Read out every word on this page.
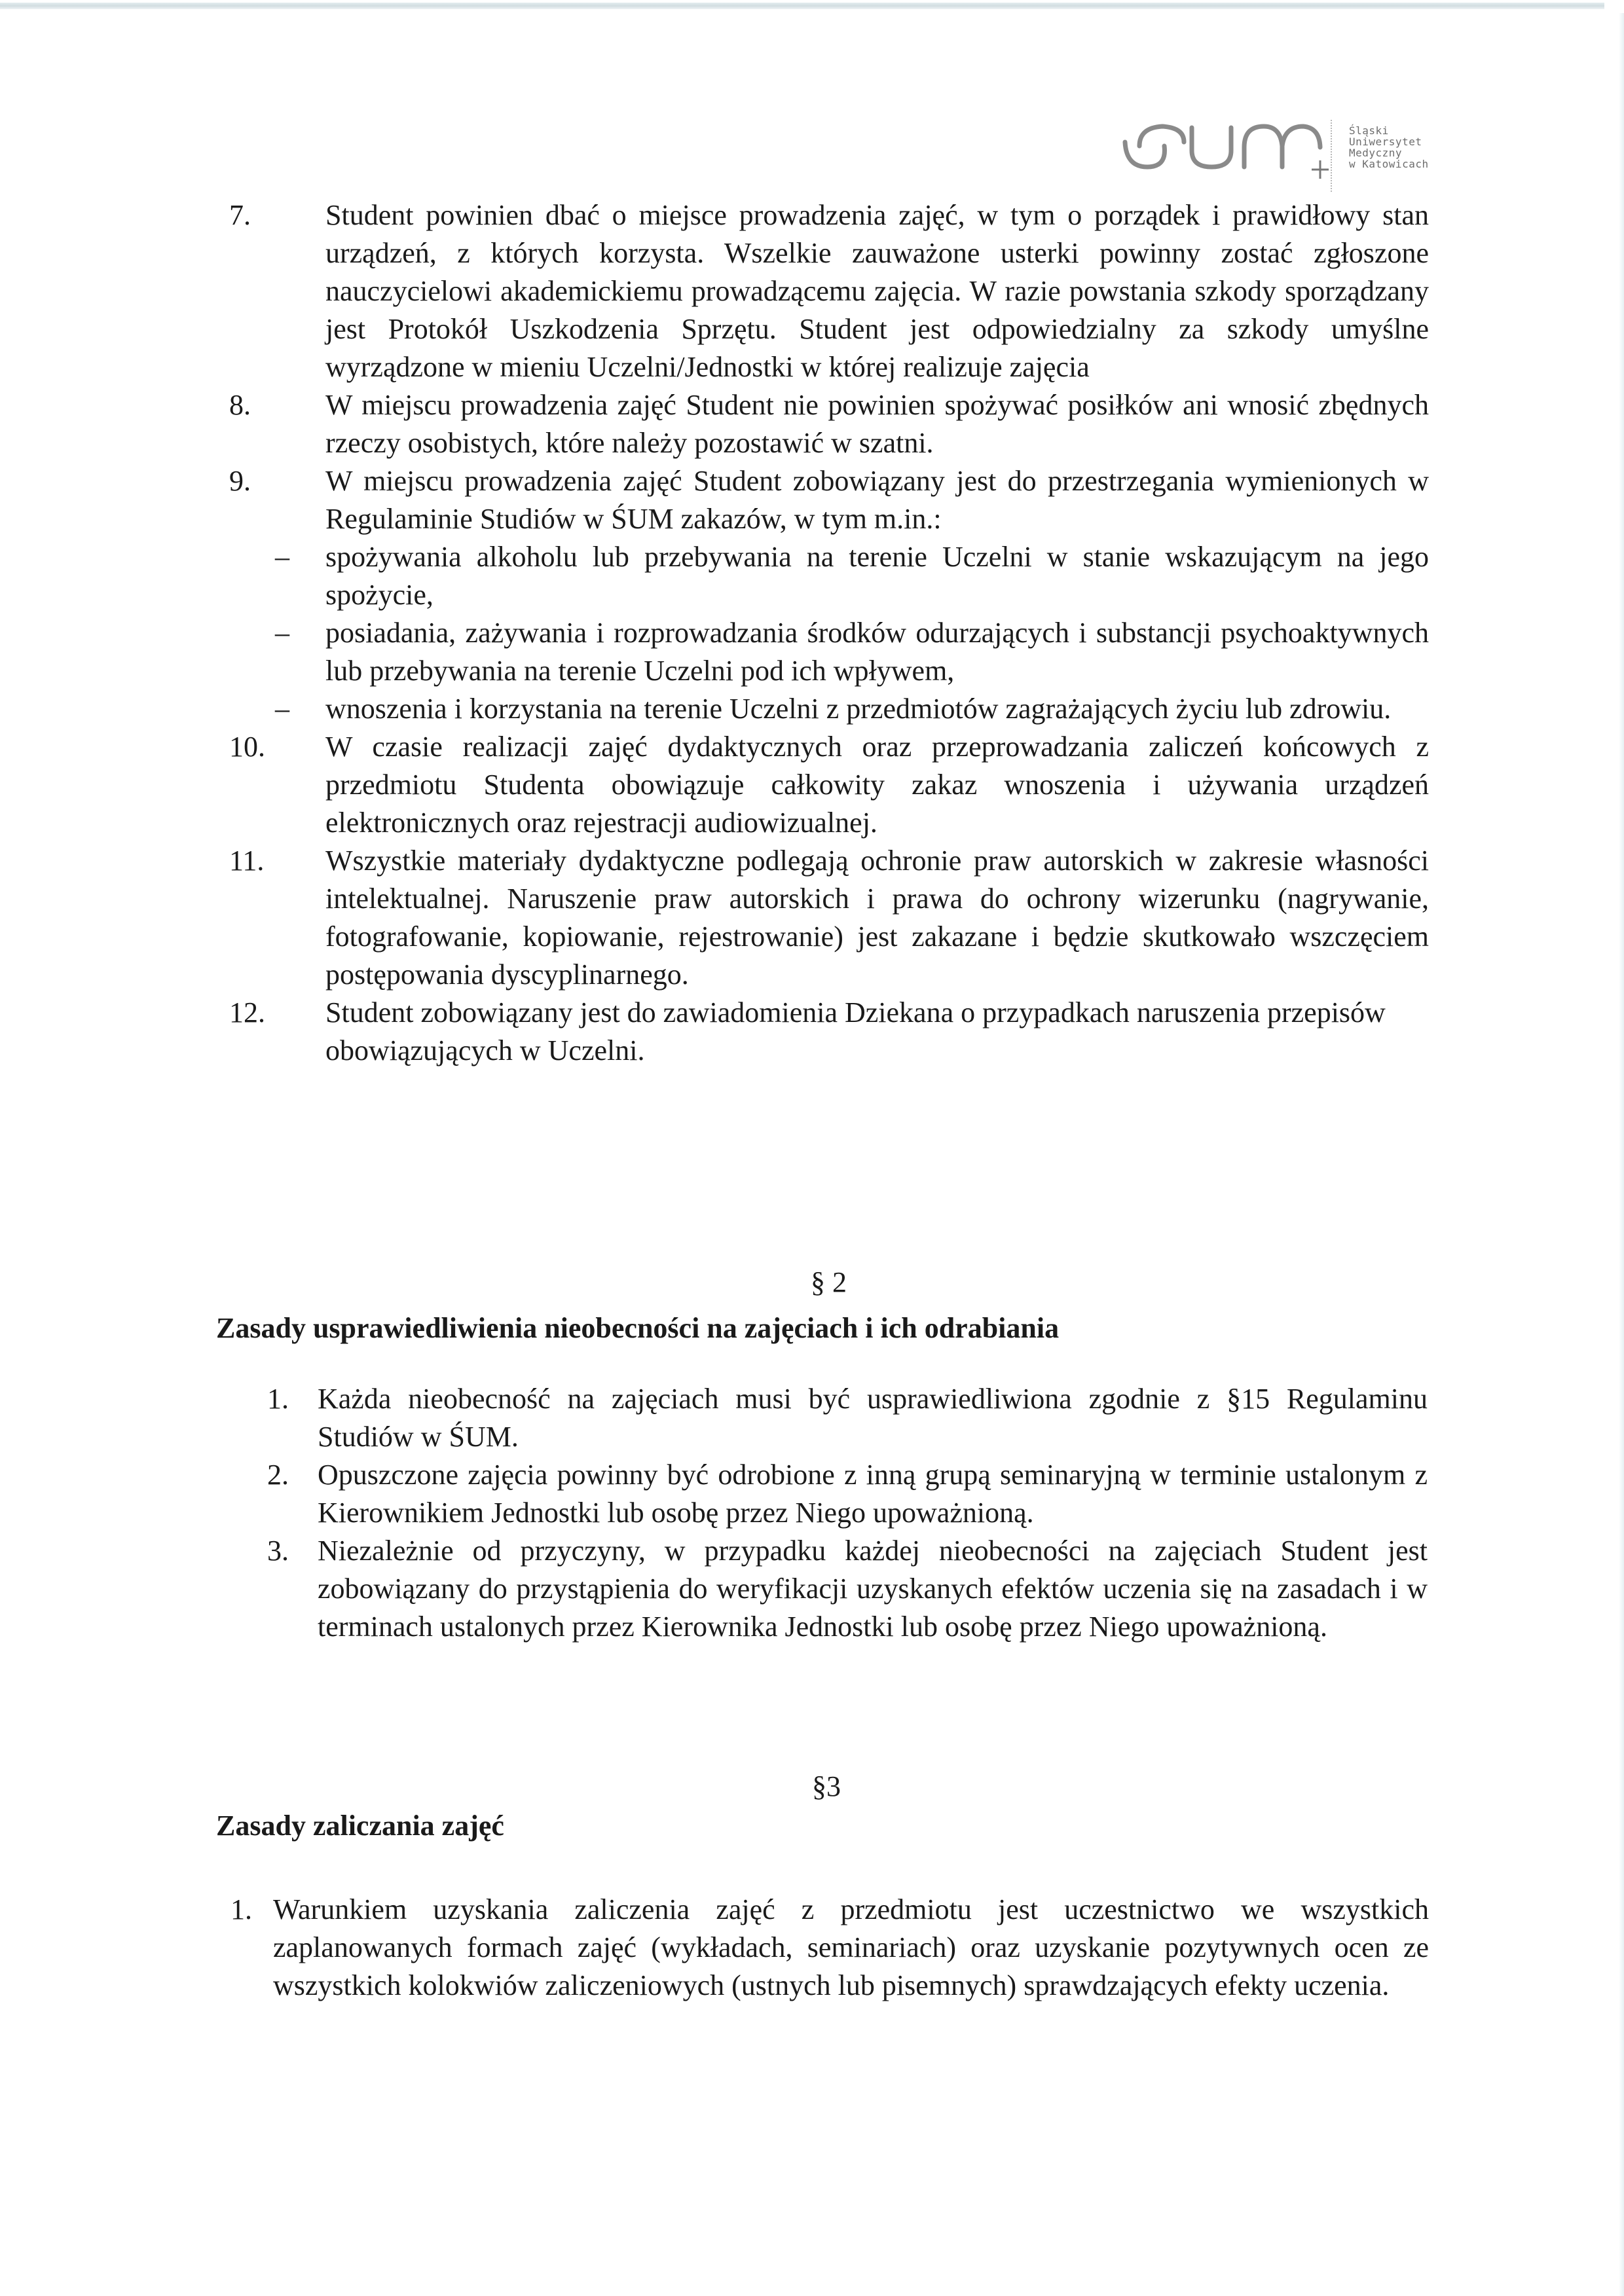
Śląski
Uniwersytet
Medyczny
w Katowicach
7.	Student powinien dbać o miejsce prowadzenia zajęć, w tym o porządek i prawidłowy stan urządzeń, z których korzysta. Wszelkie zauważone usterki powinny zostać zgłoszone nauczycielowi akademickiemu prowadzącemu zajęcia. W razie powstania szkody sporządzany jest Protokół Uszkodzenia Sprzętu. Student jest odpowiedzialny za szkody umyślne wyrządzone w mieniu Uczelni/Jednostki w której realizuje zajęcia
8.	W miejscu prowadzenia zajęć Student nie powinien spożywać posiłków ani wnosić zbędnych rzeczy osobistych, które należy pozostawić w szatni.
9.	W miejscu prowadzenia zajęć Student zobowiązany jest do przestrzegania wymienionych w Regulaminie Studiów w ŚUM zakazów, w tym m.in.:
– spożywania alkoholu lub przebywania na terenie Uczelni w stanie wskazującym na jego spożycie,
– posiadania, zażywania i rozprowadzania środków odurzających i substancji psychoaktywnych lub przebywania na terenie Uczelni pod ich wpływem,
– wnoszenia i korzystania na terenie Uczelni z przedmiotów zagrażających życiu lub zdrowiu.
10. W czasie realizacji zajęć dydaktycznych oraz przeprowadzania zaliczeń końcowych z przedmiotu Studenta obowiązuje całkowity zakaz wnoszenia i używania urządzeń elektronicznych oraz rejestracji audiowizualnej.
11. Wszystkie materiały dydaktyczne podlegają ochronie praw autorskich w zakresie własności intelektualnej. Naruszenie praw autorskich i prawa do ochrony wizerunku (nagrywanie, fotografowanie, kopiowanie, rejestrowanie) jest zakazane i będzie skutkowało wszczęciem postępowania dyscyplinarnego.
12. Student zobowiązany jest do zawiadomienia Dziekana o przypadkach naruszenia przepisów obowiązujących w Uczelni.
§ 2
Zasady usprawiedliwienia nieobecności na zajęciach i ich odrabiania
1. Każda nieobecność na zajęciach musi być usprawiedliwiona zgodnie z §15 Regulaminu Studiów w ŚUM.
2. Opuszczone zajęcia powinny być odrobione z inną grupą seminaryjną w terminie ustalonym z Kierownikiem Jednostki lub osobę przez Niego upoważnioną.
3. Niezależnie od przyczyny, w przypadku każdej nieobecności na zajęciach Student jest zobowiązany do przystąpienia do weryfikacji uzyskanych efektów uczenia się na zasadach i w terminach ustalonych przez Kierownika Jednostki lub osobę przez Niego upoważnioną.
§3
Zasady zaliczania zajęć
1. Warunkiem uzyskania zaliczenia zajęć z przedmiotu jest uczestnictwo we wszystkich zaplanowanych formach zajęć (wykładach, seminariach) oraz uzyskanie pozytywnych ocen ze wszystkich kolokwiów zaliczeniowych (ustnych lub pisemnych) sprawdzających efekty uczenia.
